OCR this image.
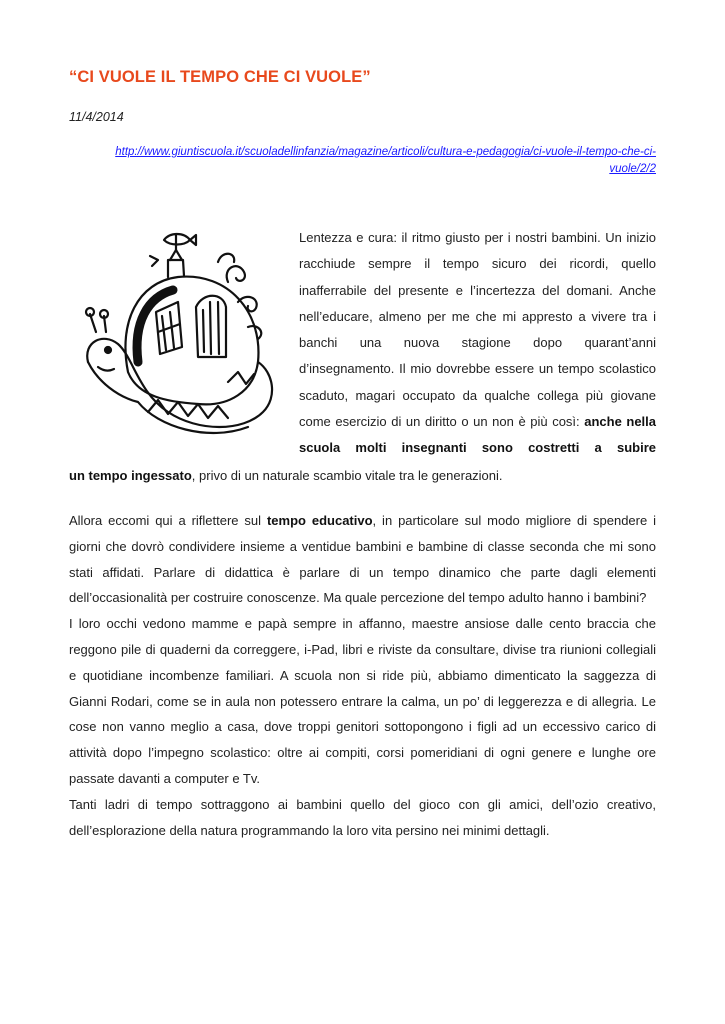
“CI VUOLE IL TEMPO CHE CI VUOLE”
11/4/2014
http://www.giuntiscuola.it/scuoladellinfanzia/magazine/articoli/cultura-e-pedagogia/ci-vuole-il-tempo-che-ci-vuole/2/2

Lentezza e cura: il ritmo giusto per i nostri bambini. Un inizio racchiude sempre il tempo sicuro dei ricordi, quello inafferrabile del presente e l’incertezza del domani. Anche nell’educare, almeno per me che mi appresto a vivere tra i banchi una nuova stagione dopo quarant’anni d’insegnamento. Il mio dovrebbe essere un tempo scolastico scaduto, magari occupato da qualche collega più giovane come esercizio di un diritto o un non è più così: anche nella scuola molti insegnanti sono costretti a subire

un tempo ingessato, privo di un naturale scambio vitale tra le generazioni.

Allora eccomi qui a riflettere sul tempo educativo, in particolare sul modo migliore di spendere i giorni che dovrò condividere insieme a ventidue bambini e bambine di classe seconda che mi sono stati affidati. Parlare di didattica è parlare di un tempo dinamico che parte dagli elementi dell’occasionalità per costruire conoscenze. Ma quale percezione del tempo adulto hanno i bambini?

I loro occhi vedono mamme e papà sempre in affanno, maestre ansiose dalle cento braccia che reggono pile di quaderni da correggere, i-Pad, libri e riviste da consultare, divise tra riunioni collegiali e quotidiane incombenze familiari. A scuola non si ride più, abbiamo dimenticato la saggezza di Gianni Rodari, come se in aula non potessero entrare la calma, un po’ di leggerezza e di allegria. Le cose non vanno meglio a casa, dove troppi genitori sottopongono i figli ad un eccessivo carico di attività dopo l’impegno scolastico: oltre ai compiti, corsi pomeridiani di ogni genere e lunghe ore passate davanti a computer e Tv.

Tanti ladri di tempo sottraggono ai bambini quello del gioco con gli amici, dell’ozio creativo, dell’esplorazione della natura programmando la loro vita persino nei minimi dettagli.
